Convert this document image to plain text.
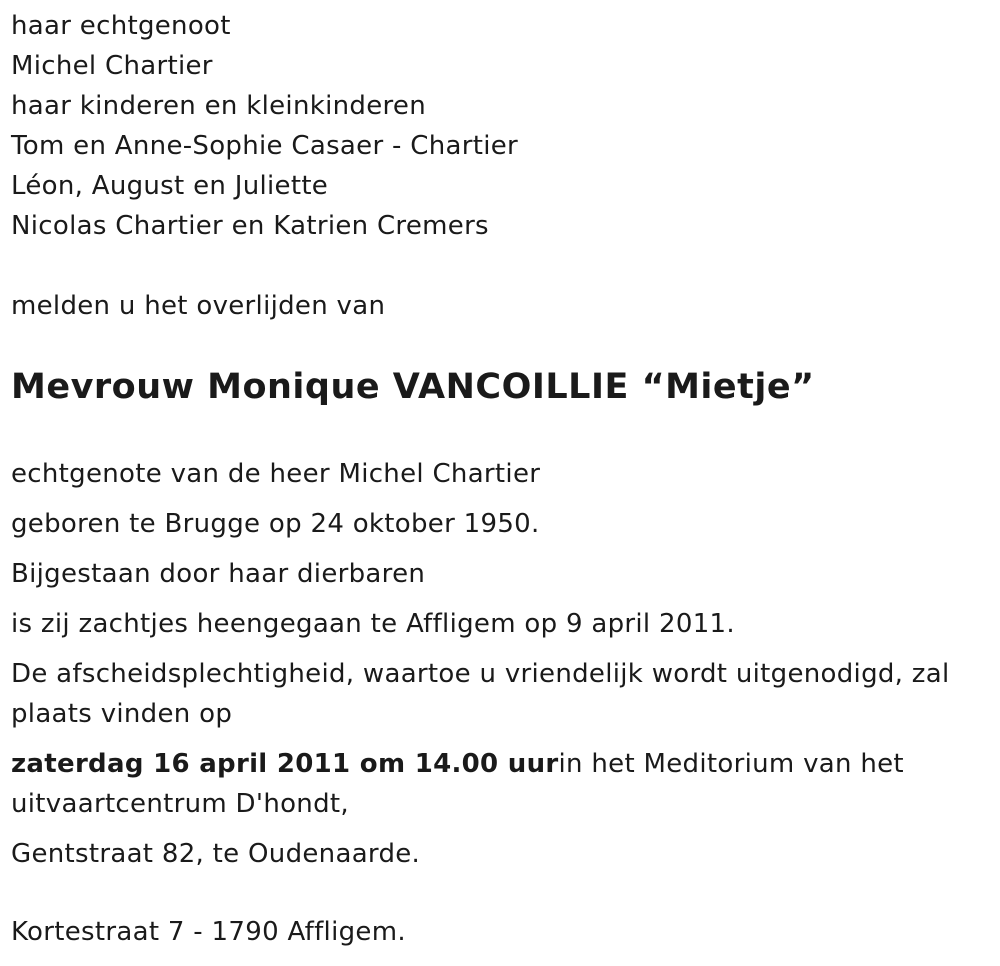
haar echtgenoot
Michel Chartier
haar kinderen en kleinkinderen
Tom en Anne-Sophie Casaer - Chartier
Léon, August en Juliette
Nicolas Chartier en Katrien Cremers
melden u het overlijden van
Mevrouw Monique VANCOILLIE “Mietje”
echtgenote van de heer Michel Chartier
geboren te Brugge op 24 oktober 1950.
Bijgestaan door haar dierbaren
is zij zachtjes heengegaan te Affligem op 9 april 2011.
De afscheidsplechtigheid, waartoe u vriendelijk wordt uitgenodigd, zal plaats vinden op
zaterdag 16 april 2011 om 14.00 uurin het Meditorium van het uitvaartcentrum D'hondt,
Gentstraat 82, te Oudenaarde.
Kortestraat 7 - 1790 Affligem.
